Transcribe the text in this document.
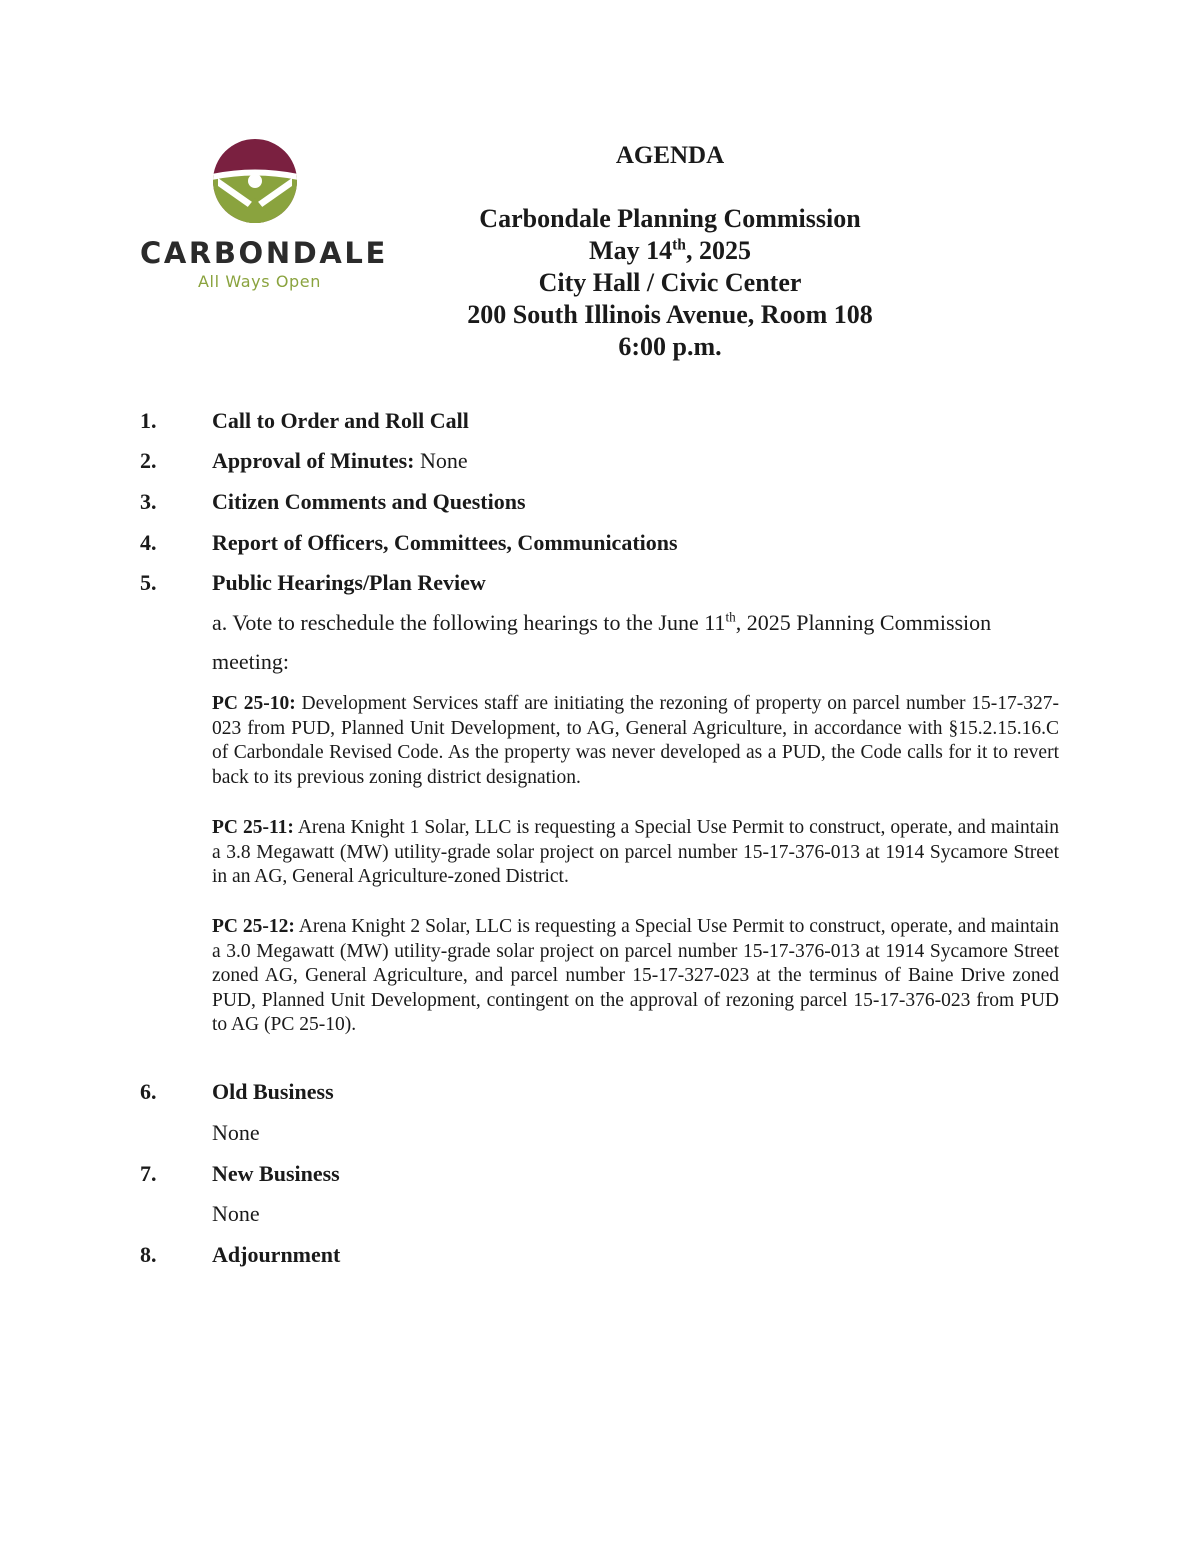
CARBONDALE
All Ways Open
AGENDA
Carbondale Planning Commission
May 14th, 2025
City Hall / Civic Center
200 South Illinois Avenue, Room 108
6:00 p.m.
1.	Call to Order and Roll Call
2.	Approval of Minutes: None
3.	Citizen Comments and Questions
4.	Report of Officers, Committees, Communications
5.	Public Hearings/Plan Review
a. Vote to reschedule the following hearings to the June 11th, 2025 Planning Commission meeting:
PC 25-10: Development Services staff are initiating the rezoning of property on parcel number 15-17-327-023 from PUD, Planned Unit Development, to AG, General Agriculture, in accordance with §15.2.15.16.C of Carbondale Revised Code. As the property was never developed as a PUD, the Code calls for it to revert back to its previous zoning district designation.
PC 25-11: Arena Knight 1 Solar, LLC is requesting a Special Use Permit to construct, operate, and maintain a 3.8 Megawatt (MW) utility-grade solar project on parcel number 15-17-376-013 at 1914 Sycamore Street in an AG, General Agriculture-zoned District.
PC 25-12: Arena Knight 2 Solar, LLC is requesting a Special Use Permit to construct, operate, and maintain a 3.0 Megawatt (MW) utility-grade solar project on parcel number 15-17-376-013 at 1914 Sycamore Street zoned AG, General Agriculture, and parcel number 15-17-327-023 at the terminus of Baine Drive zoned PUD, Planned Unit Development, contingent on the approval of rezoning parcel 15-17-376-023 from PUD to AG (PC 25-10).
6.	Old Business
None
7.	New Business
None
8.	Adjournment
